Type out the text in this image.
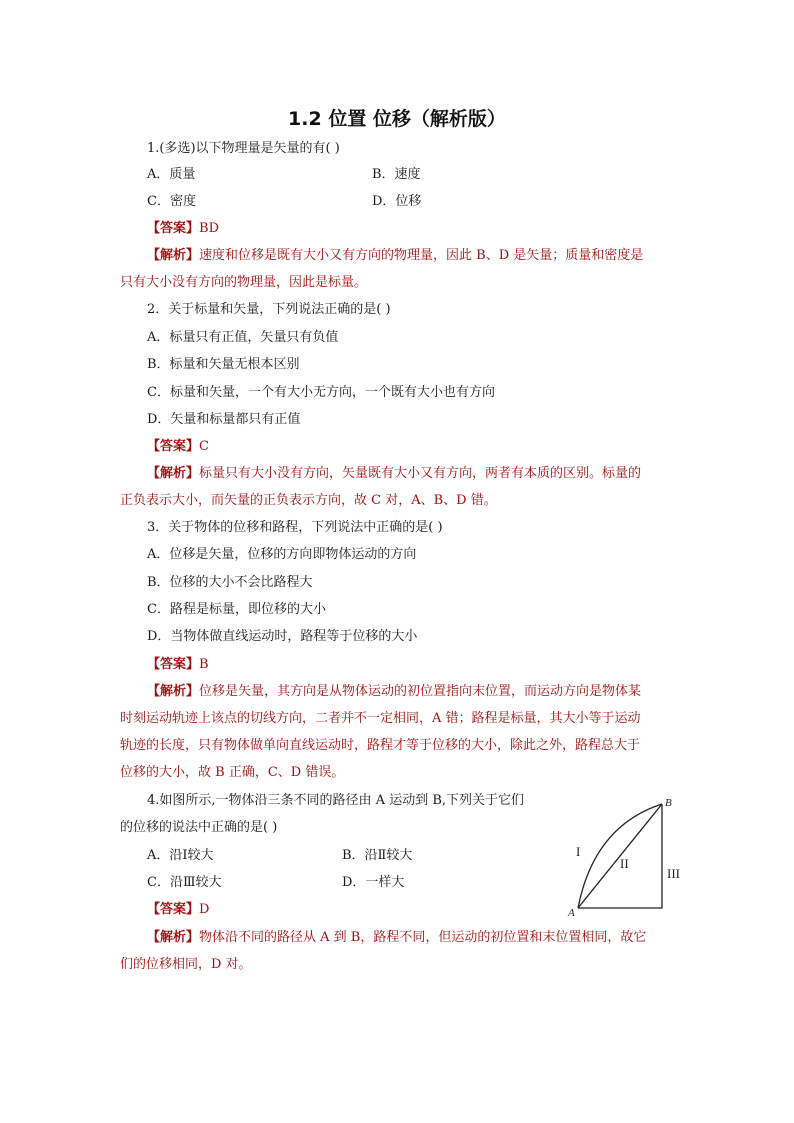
1.2 位置 位移（解析版）
1.(多选)以下物理量是矢量的有( )
A．质量	B．速度
C．密度	D．位移
【答案】BD
【解析】速度和位移是既有大小又有方向的物理量，因此 B、D 是矢量；质量和密度是
只有大小没有方向的物理量，因此是标量。
2．关于标量和矢量，下列说法正确的是( )
A．标量只有正值，矢量只有负值
B．标量和矢量无根本区别
C．标量和矢量，一个有大小无方向，一个既有大小也有方向
D．矢量和标量都只有正值
【答案】C
【解析】标量只有大小没有方向，矢量既有大小又有方向，两者有本质的区别。标量的
正负表示大小，而矢量的正负表示方向，故 C 对，A、B、D 错。
3．关于物体的位移和路程，下列说法中正确的是( )
A．位移是矢量，位移的方向即物体运动的方向
B．位移的大小不会比路程大
C．路程是标量，即位移的大小
D．当物体做直线运动时，路程等于位移的大小
【答案】B
【解析】位移是矢量，其方向是从物体运动的初位置指向末位置，而运动方向是物体某
时刻运动轨迹上该点的切线方向，二者并不一定相同，A 错；路程是标量，其大小等于运动
轨迹的长度，只有物体做单向直线运动时，路程才等于位移的大小，除此之外，路程总大于
位移的大小，故 B 正确，C、D 错误。
4.如图所示,一物体沿三条不同的路径由 A 运动到 B,下列关于它们
的位移的说法中正确的是( )
A．沿Ⅰ较大	B．沿Ⅱ较大
C．沿Ⅲ较大	D．一样大
【答案】D
【解析】物体沿不同的路径从 A 到 B，路程不同，但运动的初位置和末位置相同，故它
们的位移相同，D 对。
A
B
I
II
III
